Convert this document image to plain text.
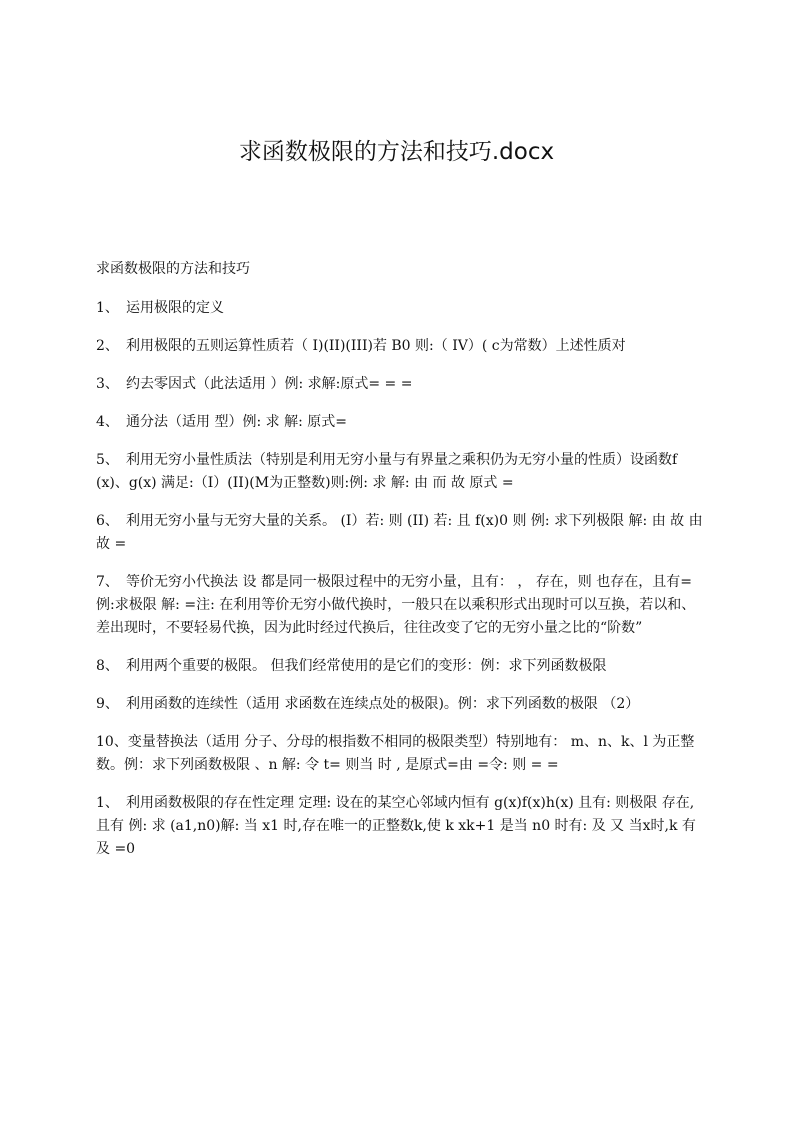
求函数极限的方法和技巧.docx

求函数极限的方法和技巧

1、 运用极限的定义

2、 利用极限的五则运算性质若（ I)(II)(III)若 B0 则:（ IV）( c为常数）上述性质对

3、 约去零因式（此法适用 ）例: 求解:原式= = =

4、 通分法（适用 型）例: 求 解: 原式=

5、 利用无穷小量性质法（特别是利用无穷小量与有界量之乘积仍为无穷小量的性质）设函数f(x)、g(x) 满足:（I）(II)(M为正整数)则:例: 求 解: 由 而 故 原式 =

6、 利用无穷小量与无穷大量的关系。 (I）若: 则 (II) 若: 且 f(x)0 则 例: 求下列极限 解: 由 故 由 故 =

7、 等价无穷小代换法 设 都是同一极限过程中的无穷小量，且有： ， 存在，则 也存在，且有= 例:求极限 解: =注: 在利用等价无穷小做代换时，一般只在以乘积形式出现时可以互换，若以和、差出现时，不要轻易代换，因为此时经过代换后，往往改变了它的无穷小量之比的“阶数”

8、 利用两个重要的极限。 但我们经常使用的是它们的变形：例：求下列函数极限

9、 利用函数的连续性（适用 求函数在连续点处的极限)。例：求下列函数的极限 （2）

10、变量替换法（适用 分子、分母的根指数不相同的极限类型）特别地有： m、n、k、l 为正整数。例：求下列函数极限 、n 解: 令 t= 则当 时 , 是原式=由 =令: 则 = =

1、 利用函数极限的存在性定理 定理: 设在的某空心邻域内恒有 g(x)f(x)h(x) 且有: 则极限 存在, 且有 例: 求 (a1,n0)解: 当 x1 时,存在唯一的正整数k,使 k xk+1 是当 n0 时有: 及 又 当x时,k 有 及 =0
